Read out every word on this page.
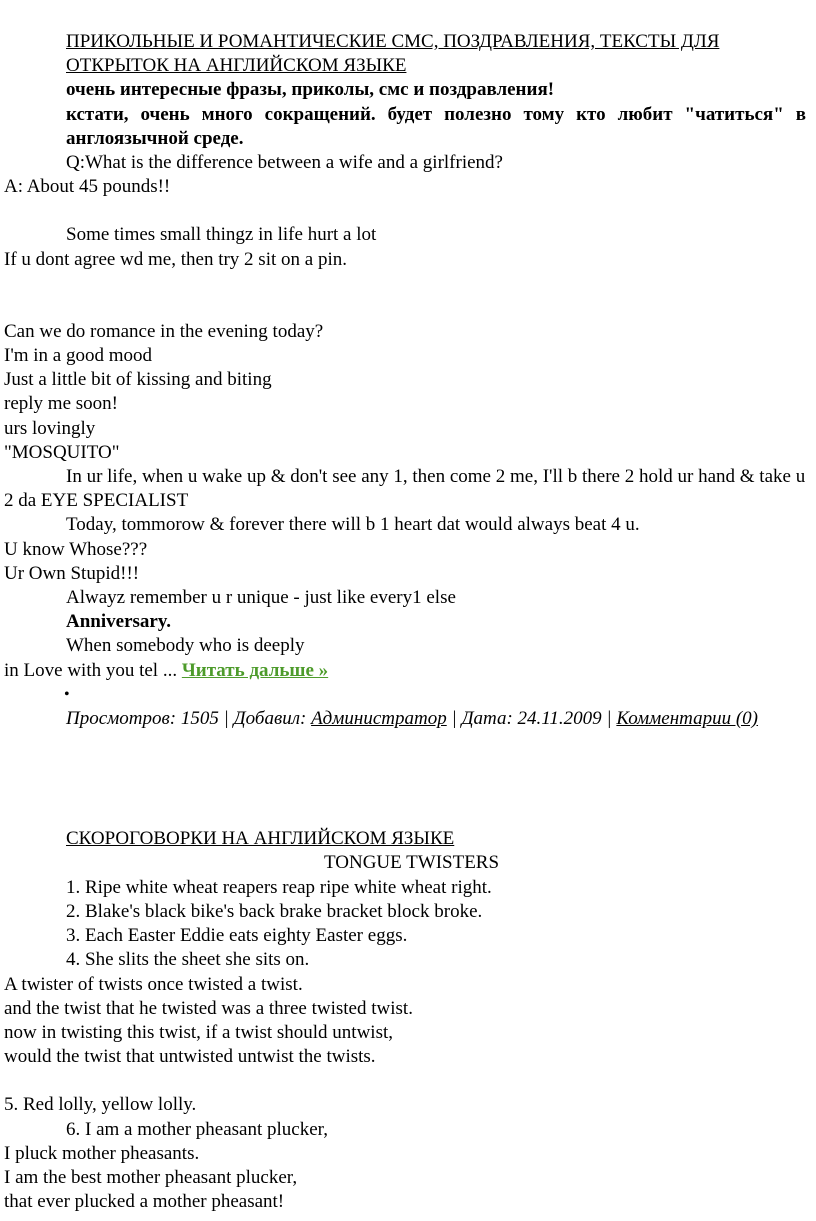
ПРИКОЛЬНЫЕ И РОМАНТИЧЕСКИЕ СМС, ПОЗДРАВЛЕНИЯ, ТЕКСТЫ ДЛЯ ОТКРЫТОК НА АНГЛИЙСКОМ ЯЗЫКЕ

очень интересные фразы, приколы, смс и поздравления!

кстати, очень много сокращений. будет полезно тому кто любит "чатиться" в англоязычной среде.

Q:What is the difference between a wife and a girlfriend?

A: About 45 pounds!!

Some times small thingz in life hurt a lot

If u dont agree wd me, then try 2 sit on a pin.

Can we do romance in the evening today?

I'm in a good mood

Just a little bit of kissing and biting

reply me soon!

urs lovingly

"MOSQUITO"

In ur life, when u wake up & don't see any 1, then come 2 me, I'll b there 2 hold ur hand & take u 2 da EYE SPECIALIST

Today, tommorow & forever there will b 1 heart dat would always beat 4 u.

U know Whose???

Ur Own Stupid!!!

Alwayz remember u r unique - just like every1 else

Anniversary.

When somebody who is deeply

in Love with you tel ... Читать дальше »

•

Просмотров: 1505 | Добавил: Администратор | Дата: 24.11.2009 | Комментарии (0)

СКОРОГОВОРКИ НА АНГЛИЙСКОМ ЯЗЫКЕ

TONGUE TWISTERS

1. Ripe white wheat reapers reap ripe white wheat right.

2. Blake's black bike's back brake bracket block broke.

3. Each Easter Eddie eats eighty Easter eggs.

4. She slits the sheet she sits on.

A twister of twists once twisted a twist.

and the twist that he twisted was a three twisted twist.

now in twisting this twist, if a twist should untwist,

would the twist that untwisted untwist the twists.

5. Red lolly, yellow lolly.

6. I am a mother pheasant plucker,

I pluck mother pheasants.

I am the best mother pheasant plucker,

that ever plucked a mother pheasant!
